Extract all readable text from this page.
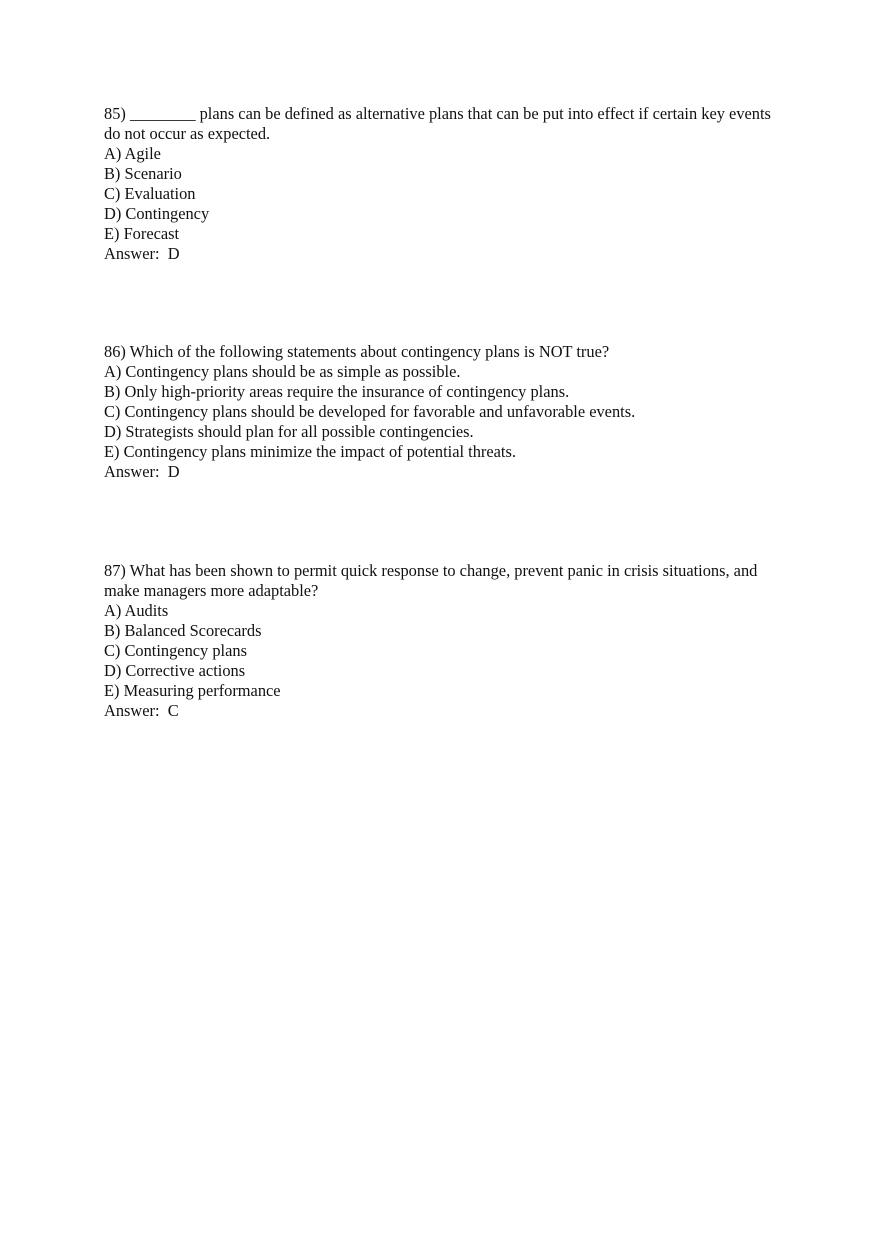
85) ________ plans can be defined as alternative plans that can be put into effect if certain key events do not occur as expected.
A) Agile
B) Scenario
C) Evaluation
D) Contingency
E) Forecast
Answer:  D
86) Which of the following statements about contingency plans is NOT true?
A) Contingency plans should be as simple as possible.
B) Only high-priority areas require the insurance of contingency plans.
C) Contingency plans should be developed for favorable and unfavorable events.
D) Strategists should plan for all possible contingencies.
E) Contingency plans minimize the impact of potential threats.
Answer:  D
87) What has been shown to permit quick response to change, prevent panic in crisis situations, and make managers more adaptable?
A) Audits
B) Balanced Scorecards
C) Contingency plans
D) Corrective actions
E) Measuring performance
Answer:  C
